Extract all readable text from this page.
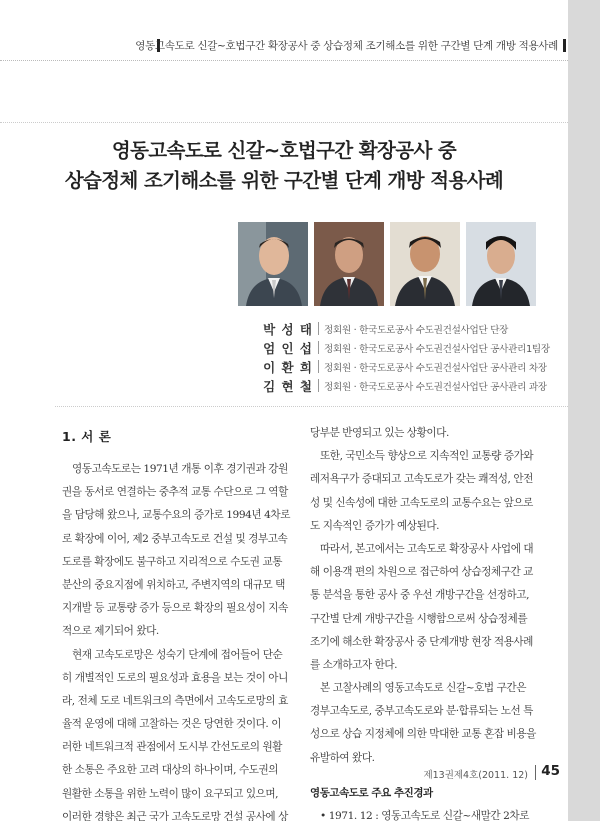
영동고속도로 신갈~호법구간 확장공사 중 상습정체 조기해소를 위한 구간별 단계 개방 적용사례
영동고속도로 신갈~호법구간 확장공사 중
상습정체 조기해소를 위한 구간별 단계 개방 적용사례
박 성 태 정회원 · 한국도로공사 수도권건설사업단 단장
엄 인 섭 정회원 · 한국도로공사 수도권건설사업단 공사관리1팀장
이 환 희 정회원 · 한국도로공사 수도권건설사업단 공사관리 차장
김 현 철 정회원 · 한국도로공사 수도권건설사업단 공사관리 과장
1. 서 론
영동고속도로는 1971년 개통 이후 경기권과 강원
권을 동서로 연결하는 중추적 교통 수단으로 그 역할
을 담당해 왔으나, 교통수요의 증가로 1994년 4차로
로 확장에 이어, 제2 중부고속도로 건설 및 경부고속
도로를 확장에도 불구하고 지리적으로 수도권 교통
분산의 중요지점에 위치하고, 주변지역의 대규모 택
지개발 등 교통량 증가 등으로 확장의 필요성이 지속
적으로 제기되어 왔다.
현재 고속도로망은 성숙기 단계에 접어들어 단순
히 개별적인 도로의 필요성과 효용을 보는 것이 아니
라, 전체 도로 네트워크의 측면에서 고속도로망의 효
율적 운영에 대해 고찰하는 것은 당연한 것이다. 이
러한 네트워크적 관점에서 도시부 간선도로의 원활
한 소통은 주요한 고려 대상의 하나이며, 수도권의
원활한 소통을 위한 노력이 많이 요구되고 있으며,
이러한 경향은 최근 국가 고속도로망 건설 공사에 상
당부분 반영되고 있는 상황이다.
또한, 국민소득 향상으로 지속적인 교통량 증가와
레저욕구가 증대되고 고속도로가 갖는 쾌적성, 안전
성 및 신속성에 대한 고속도로의 교통수요는 앞으로
도 지속적인 증가가 예상된다.
따라서, 본고에서는 고속도로 확장공사 사업에 대
해 이용객 편의 차원으로 접근하여 상습정체구간 교
통 분석을 통한 공사 중 우선 개방구간을 선정하고,
구간별 단계 개방구간을 시행함으로써 상습정체를
조기에 해소한 확장공사 중 단계개방 현장 적용사례
를 소개하고자 한다.
본 고찰사례의 영동고속도로 신갈~호법 구간은
경부고속도로, 중부고속도로와 분·합류되는 노선 특
성으로 상습 지정체에 의한 막대한 교통 혼잡 비용을
유발하여 왔다.
영동고속도로 주요 추진경과
• 1971. 12 : 영동고속도로 신갈~새말간 2차로
제13권제4호(2011. 12) 45
